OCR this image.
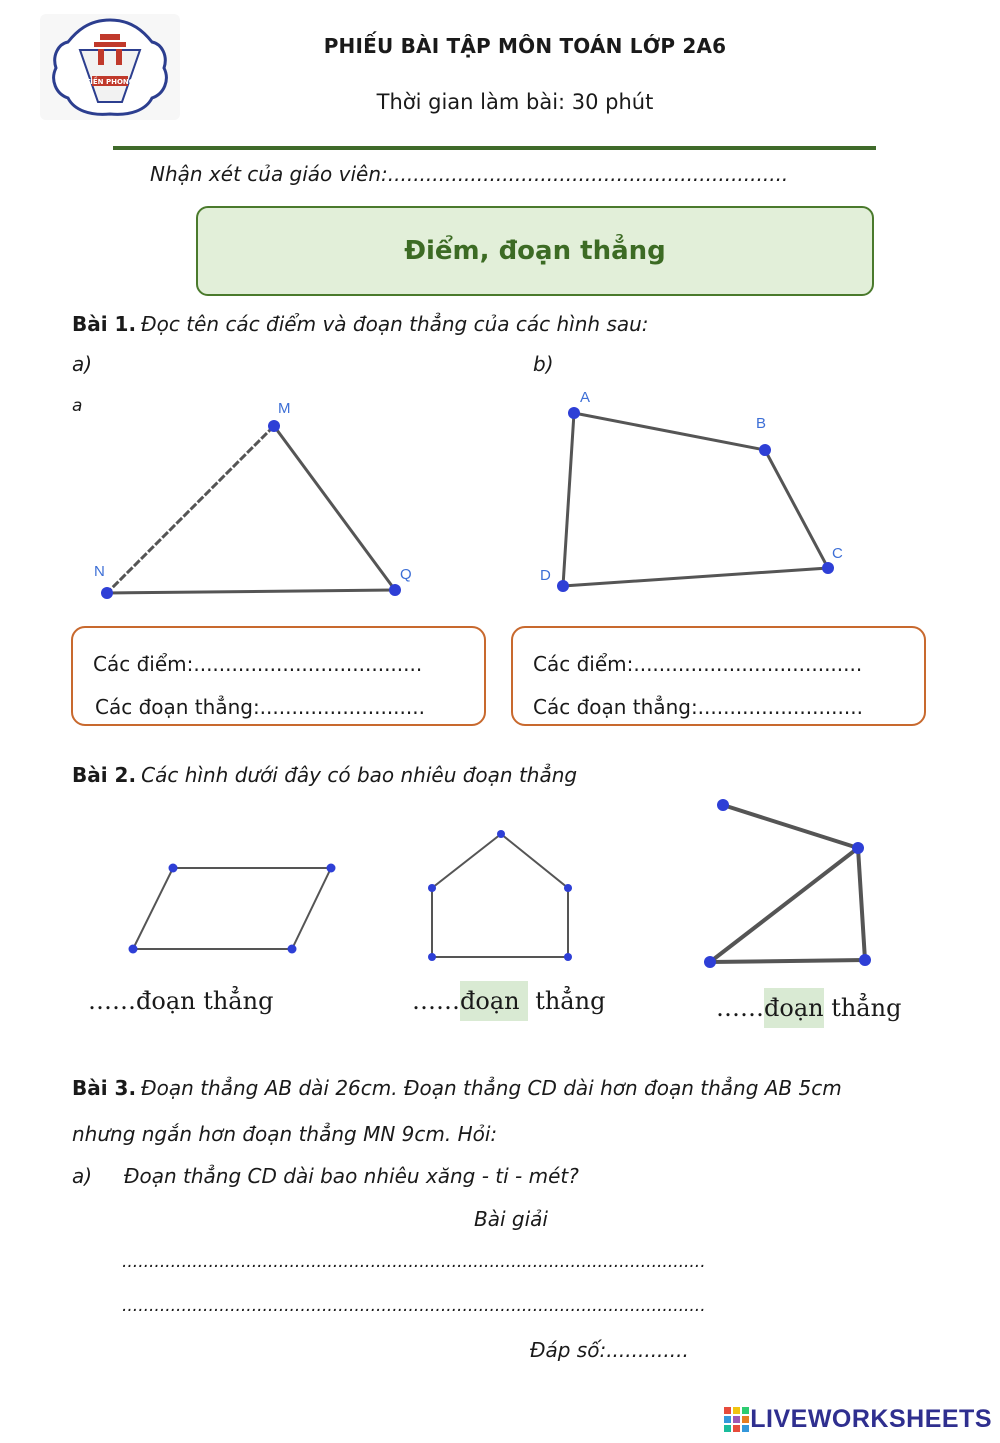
TIỀN PHONG
PHIẾU BÀI TẬP MÔN TOÁN LỚP 2A6
Thời gian làm bài: 30 phút
Nhận xét của giáo viên:...............................................................
Điểm, đoạn thẳng
Bài 1. Đọc tên các điểm và đoạn thẳng của các hình sau:
a)	b)
a	M
N	Q
A
B
C
D
Các điểm:....................................
Các đoạn thẳng:..........................
Các điểm:....................................
Các đoạn thẳng:..........................
Bài 2. Các hình dưới đây có bao nhiêu đoạn thẳng
……đoạn thẳng	……đoạn thẳng	……đoạn thẳng
Bài 3. Đoạn thẳng AB dài 26cm. Đoạn thẳng CD dài hơn đoạn thẳng AB 5cm
nhưng ngắn hơn đoạn thẳng MN 9cm. Hỏi:
a) Đoạn thẳng CD dài bao nhiêu xăng - ti - mét?
Bài giải
............................................................................................................
............................................................................................................
Đáp số:.............
LIVEWORKSHEETS
